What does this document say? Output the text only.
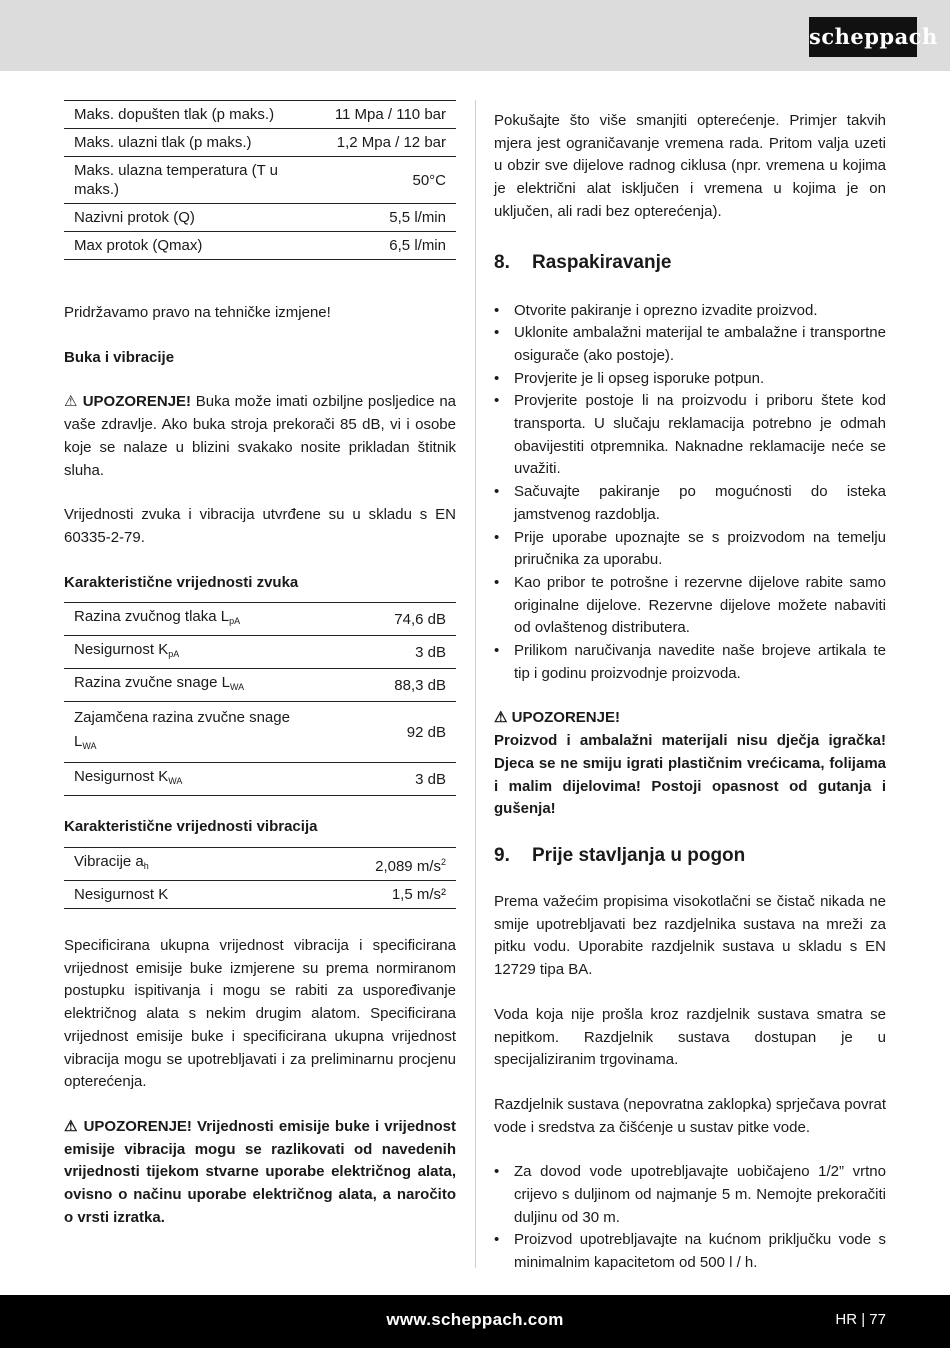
scheppach
Maks. dopušten tlak (p maks.)	11 Mpa / 110 bar
Maks. ulazni tlak (p maks.)	1,2 Mpa / 12 bar
Maks. ulazna temperatura (T u maks.)	50°C
Nazivni protok (Q)	5,5 l/min
Max protok (Qmax)	6,5 l/min

Pridržavamo pravo na tehničke izmjene!

Buka i vibracije

⚠ UPOZORENJE! Buka može imati ozbiljne posljedice na vaše zdravlje. Ako buka stroja prekorači 85 dB, vi i osobe koje se nalaze u blizini svakako nosite prikladan štitnik sluha.

Vrijednosti zvuka i vibracija utvrđene su u skladu s EN 60335-2-79.

Karakteristične vrijednosti zvuka

Razina zvučnog tlaka $L_{pA}$	74,6 dB
Nesigurnost $K_{pA}$	3 dB
Razina zvučne snage $L_{WA}$	88,3 dB
Zajamčena razina zvučne snage $L_{WA}$	92 dB
Nesigurnost $K_{WA}$	3 dB

Karakteristične vrijednosti vibracija

Vibracije $a_h$	2,089 $m/s^2$
Nesigurnost K	1,5 m/s²

Specificirana ukupna vrijednost vibracija i specificirana vrijednost emisije buke izmjerene su prema normiranom postupku ispitivanja i mogu se rabiti za uspoređivanje električnog alata s nekim drugim alatom. Specificirana vrijednost emisije buke i specificirana ukupna vrijednost vibracija mogu se upotrebljavati i za preliminarnu procjenu opterećenja.

⚠ UPOZORENJE! Vrijednosti emisije buke i vrijednost emisije vibracija mogu se razlikovati od navedenih vrijednosti tijekom stvarne uporabe električnog alata, ovisno o načinu uporabe električnog alata, a naročito o vrsti izratka.

Pokušajte što više smanjiti opterećenje. Primjer takvih mjera jest ograničavanje vremena rada. Pritom valja uzeti u obzir sve dijelove radnog ciklusa (npr. vremena u kojima je električni alat isključen i vremena u kojima je on uključen, ali radi bez opterećenja).

8. Raspakiravanje
• Otvorite pakiranje i oprezno izvadite proizvod.
• Uklonite ambalažni materijal te ambalažne i transportne osigurače (ako postoje).
• Provjerite je li opseg isporuke potpun.
• Provjerite postoje li na proizvodu i priboru štete kod transporta. U slučaju reklamacija potrebno je odmah obavijestiti otpremnika. Naknadne reklamacije neće se uvažiti.
• Sačuvajte pakiranje po mogućnosti do isteka jamstvenog razdoblja.
• Prije uporabe upoznajte se s proizvodom na temelju priručnika za uporabu.
• Kao pribor te potrošne i rezervne dijelove rabite samo originalne dijelove. Rezervne dijelove možete nabaviti od ovlaštenog distributera.
• Prilikom naručivanja navedite naše brojeve artikala te tip i godinu proizvodnje proizvoda.

⚠ UPOZORENJE!

Proizvod i ambalažni materijali nisu dječja igračka! Djeca se ne smiju igrati plastičnim vrećicama, folijama i malim dijelovima! Postoji opasnost od gutanja i gušenja!

9. Prije stavljanja u pogon

Prema važećim propisima visokotlačni se čistač nikada ne smije upotrebljavati bez razdjelnika sustava na mreži za pitku vodu. Uporabite razdjelnik sustava u skladu s EN 12729 tipa BA.

Voda koja nije prošla kroz razdjelnik sustava smatra se nepitkom. Razdjelnik sustava dostupan je u specijaliziranim trgovinama.

Razdjelnik sustava (nepovratna zaklopka) sprječava povrat vode i sredstva za čišćenje u sustav pitke vode.

• Za dovod vode upotrebljavajte uobičajeno 1/2” vrtno crijevo s duljinom od najmanje 5 m. Nemojte prekoračiti duljinu od 30 m.
• Proizvod upotrebljavajte na kućnom priključku vode s minimalnim kapacitetom od 500 l / h.
www.scheppach.com	HR | 77
